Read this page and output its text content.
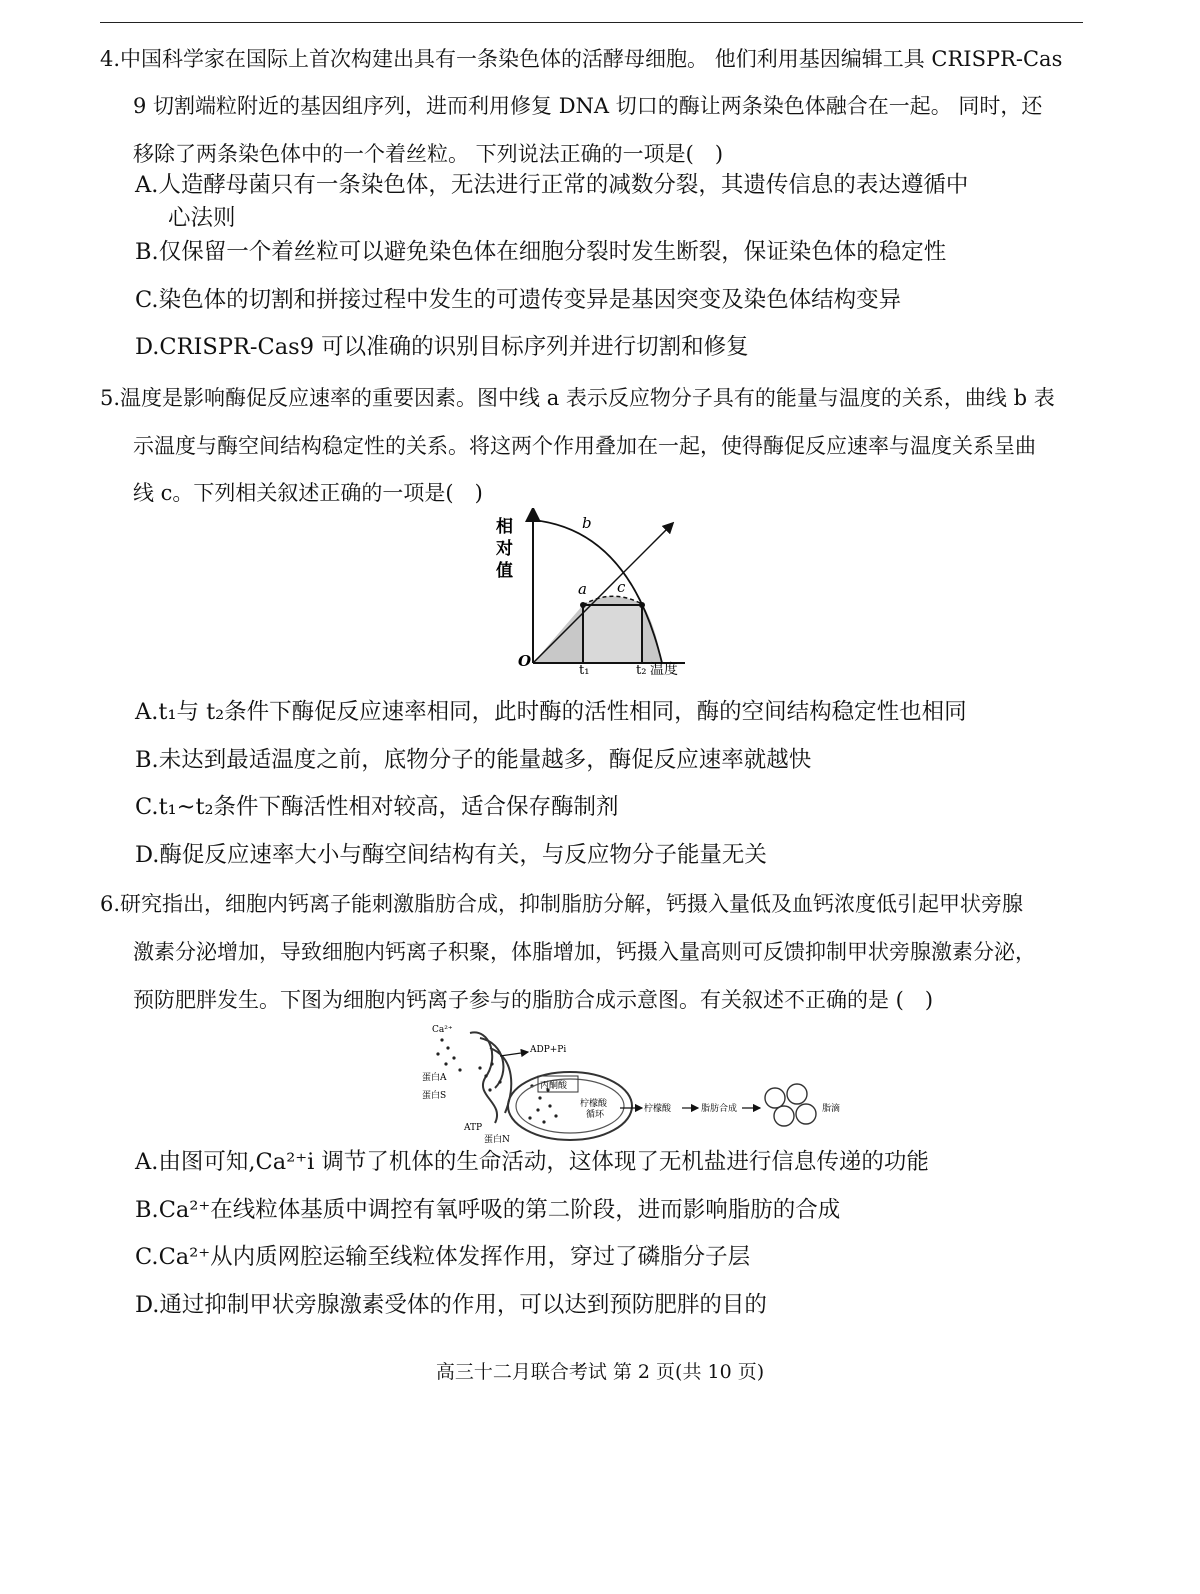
4.中国科学家在国际上首次构建出具有一条染色体的活酵母细胞。 他们利用基因编辑工具 CRISPR-Cas
9 切割端粒附近的基因组序列，进而利用修复 DNA 切口的酶让两条染色体融合在一起。 同时，还
移除了两条染色体中的一个着丝粒。 下列说法正确的一项是(　)
A.人造酵母菌只有一条染色体，无法进行正常的减数分裂，其遗传信息的表达遵循中
心法则
B.仅保留一个着丝粒可以避免染色体在细胞分裂时发生断裂，保证染色体的稳定性
C.染色体的切割和拼接过程中发生的可遗传变异是基因突变及染色体结构变异
D.CRISPR-Cas9 可以准确的识别目标序列并进行切割和修复
5.温度是影响酶促反应速率的重要因素。图中线 a 表示反应物分子具有的能量与温度的关系，曲线 b 表
示温度与酶空间结构稳定性的关系。将这两个作用叠加在一起，使得酶促反应速率与温度关系呈曲
线 c。下列相关叙述正确的一项是(　)
相
对
值
b
a c
O
t₁	t₂ 温度
A.t₁与 t₂条件下酶促反应速率相同，此时酶的活性相同，酶的空间结构稳定性也相同
B.未达到最适温度之前，底物分子的能量越多，酶促反应速率就越快
C.t₁~t₂条件下酶活性相对较高，适合保存酶制剂
D.酶促反应速率大小与酶空间结构有关，与反应物分子能量无关
6.研究指出，细胞内钙离子能刺激脂肪合成，抑制脂肪分解，钙摄入量低及血钙浓度低引起甲状旁腺
激素分泌增加，导致细胞内钙离子积聚，体脂增加，钙摄入量高则可反馈抑制甲状旁腺激素分泌，
预防肥胖发生。下图为细胞内钙离子参与的脂肪合成示意图。有关叙述不正确的是 (　)
Ca²⁺
ADP+Pi
蛋白A
蛋白S
ATP
蛋白N
丙酮酸
柠檬酸
循环
柠檬酸	脂肪合成	脂滴
A.由图可知,Ca²⁺i 调节了机体的生命活动，这体现了无机盐进行信息传递的功能
B.Ca²⁺在线粒体基质中调控有氧呼吸的第二阶段，进而影响脂肪的合成
C.Ca²⁺从内质网腔运输至线粒体发挥作用，穿过了磷脂分子层
D.通过抑制甲状旁腺激素受体的作用，可以达到预防肥胖的目的
高三十二月联合考试 第 2 页(共 10 页)
